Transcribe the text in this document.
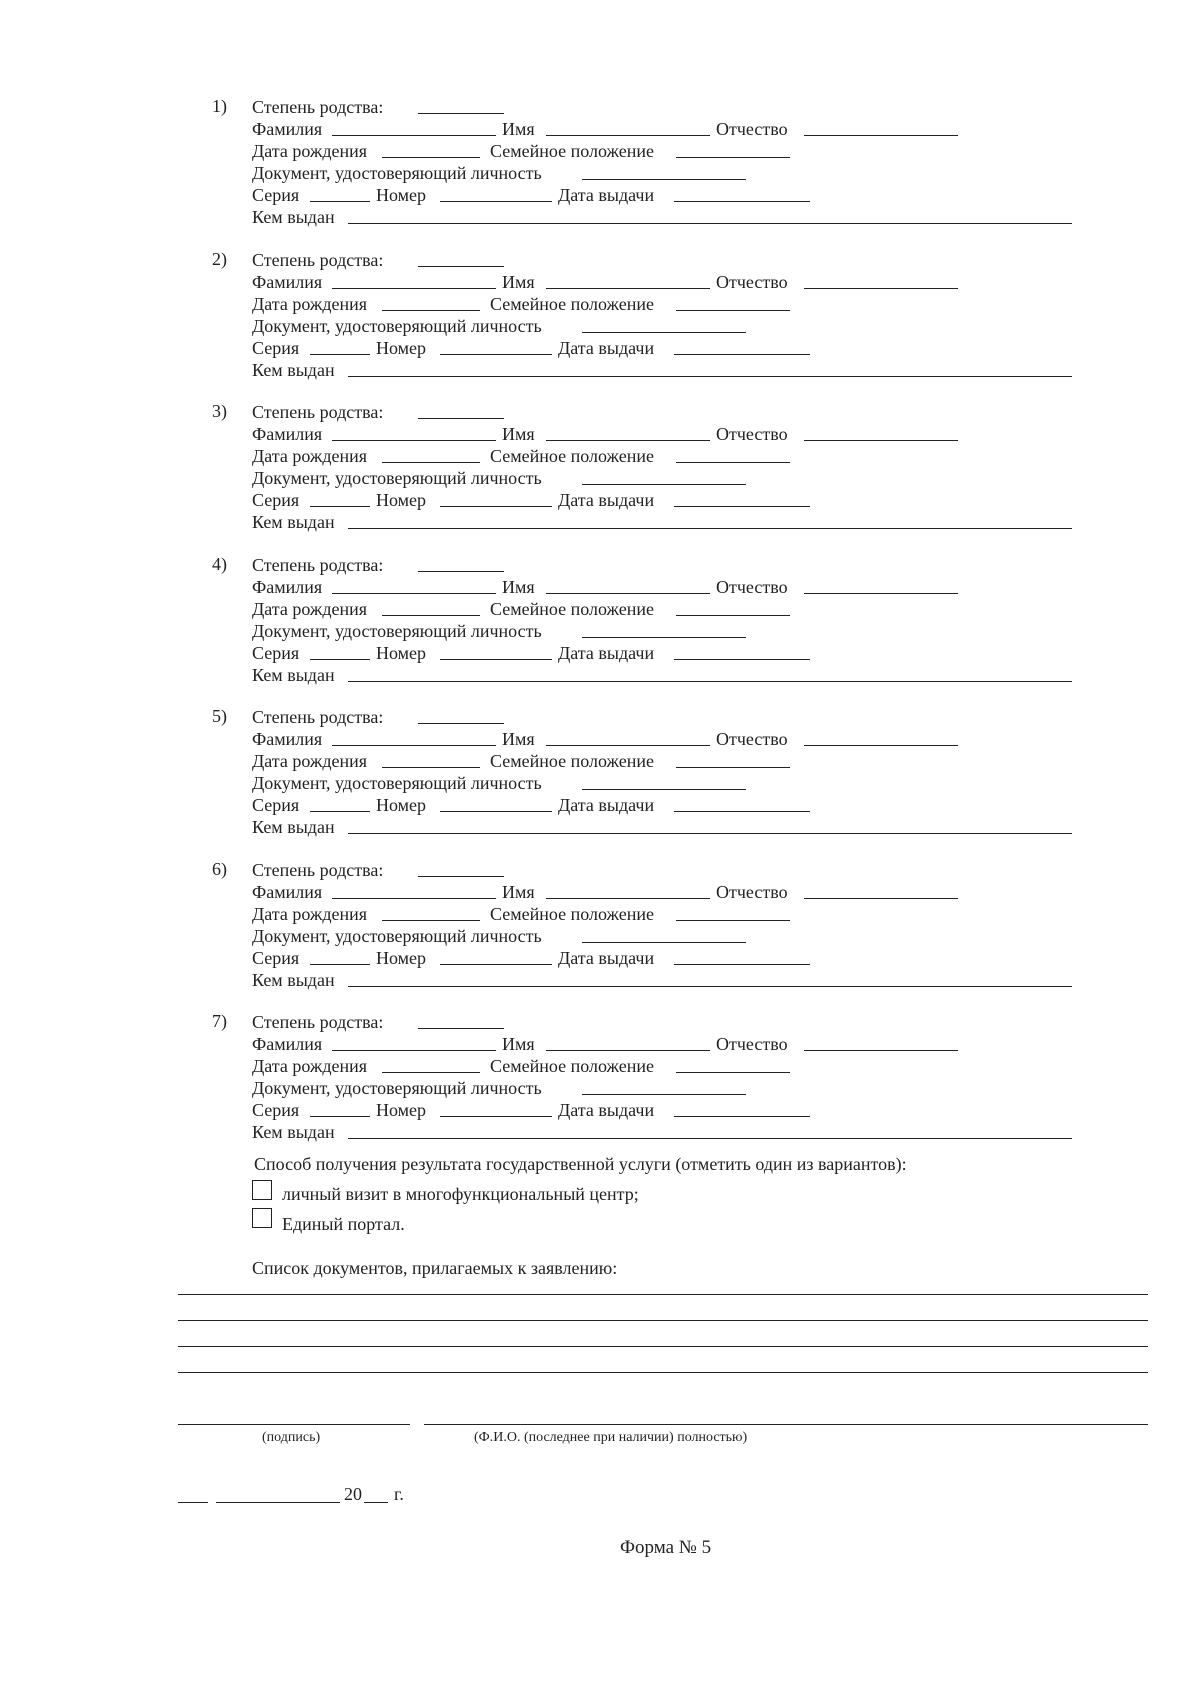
1) Степень родства:
Фамилия	Имя	Отчество
Дата рождения	Семейное положение
Документ, удостоверяющий личность
Серия	Номер	Дата выдачи
Кем выдан
2) Степень родства:
Фамилия	Имя	Отчество
Дата рождения	Семейное положение
Документ, удостоверяющий личность
Серия	Номер	Дата выдачи
Кем выдан
3) Степень родства:
Фамилия	Имя	Отчество
Дата рождения	Семейное положение
Документ, удостоверяющий личность
Серия	Номер	Дата выдачи
Кем выдан
4) Степень родства:
Фамилия	Имя	Отчество
Дата рождения	Семейное положение
Документ, удостоверяющий личность
Серия	Номер	Дата выдачи
Кем выдан
5) Степень родства:
Фамилия	Имя	Отчество
Дата рождения	Семейное положение
Документ, удостоверяющий личность
Серия	Номер	Дата выдачи
Кем выдан
6) Степень родства:
Фамилия	Имя	Отчество
Дата рождения	Семейное положение
Документ, удостоверяющий личность
Серия	Номер	Дата выдачи
Кем выдан
7) Степень родства:
Фамилия	Имя	Отчество
Дата рождения	Семейное положение
Документ, удостоверяющий личность
Серия	Номер	Дата выдачи
Кем выдан
Способ получения результата государственной услуги (отметить один из вариантов):
личный визит в многофункциональный центр;
Единый портал.
Список документов, прилагаемых к заявлению:
(подпись)	(Ф.И.О. (последнее при наличии) полностью)
20 г.
Форма № 5
